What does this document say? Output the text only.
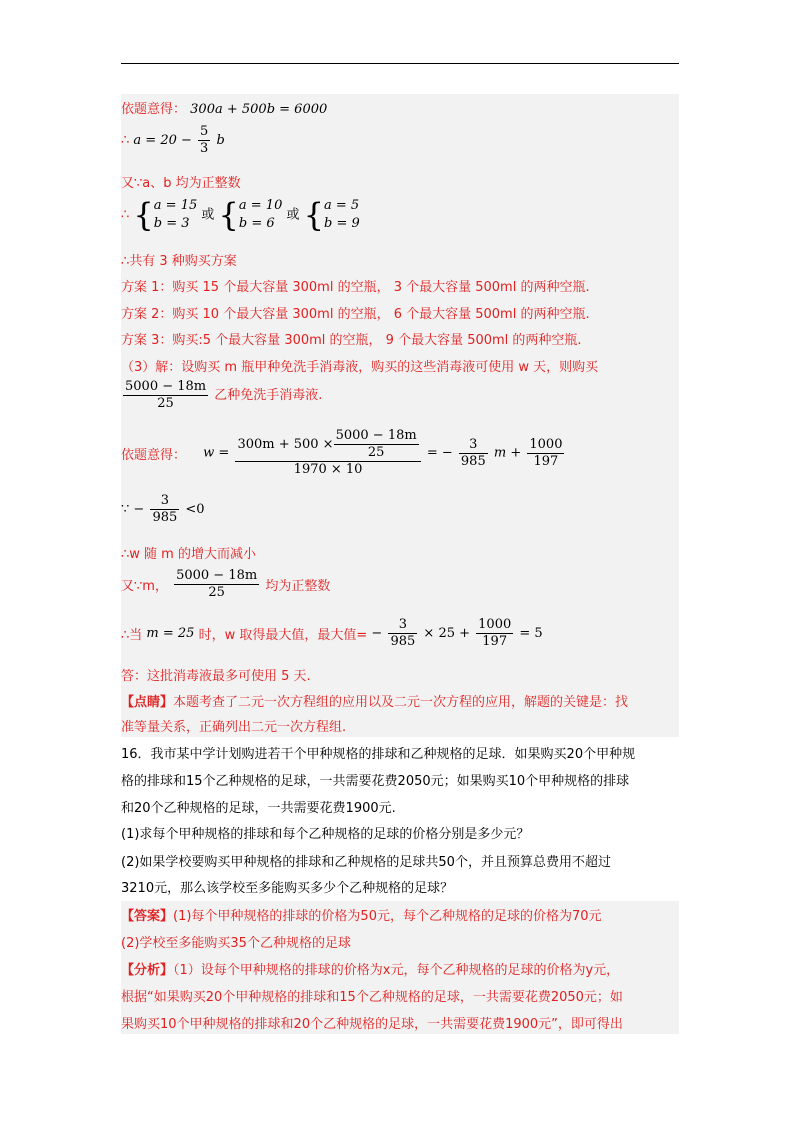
依题意得： 300a + 500b = 6000
∴ $a = 20 - \frac{5}{3}$ b
又∵a、b 均为正整数
∴ { a = 15
b = 3
或 { a = 10
b = 6
或 { a = 5
b = 9
∴共有 3 种购买方案
方案 1：购买 15 个最大容量 300ml 的空瓶， 3 个最大容量 500ml 的两种空瓶.
方案 2：购买 10 个最大容量 300ml 的空瓶， 6 个最大容量 500ml 的两种空瓶.
方案 3：购买:5 个最大容量 300ml 的空瓶， 9 个最大容量 500ml 的两种空瓶.
（3）解：设购买 m 瓶甲种免洗手消毒液，购买的这些消毒液可使用 w 天，则购买
$\frac{5000 - 18m}{25}$ 乙种免洗手消毒液.
依题意得： $w = \frac{300m + 500 \times \frac{5000 - 18m}{25}}{1970 \times 10}$ = − $\frac{3}{985}$ $m + \frac{1000}{197}$
∵ − $\frac{3}{985} <0$
∴w 随 m 的增大而减小
又∵m， $\frac{5000 - 18m}{25}$ 均为正整数
∴当 m = 25 时，w 取得最大值，最大值= − $\frac{3}{985} \times 25 + \frac{1000}{197} = 5$
答：这批消毒液最多可使用 5 天.
【点睛】本题考查了二元一次方程组的应用以及二元一次方程的应用，解题的关键是：找
准等量关系，正确列出二元一次方程组.
16．我市某中学计划购进若干个甲种规格的排球和乙种规格的足球．如果购买20个甲种规
格的排球和15个乙种规格的足球，一共需要花费2050元；如果购买10个甲种规格的排球
和20个乙种规格的足球，一共需要花费1900元.
(1)求每个甲种规格的排球和每个乙种规格的足球的价格分别是多少元？
(2)如果学校要购买甲种规格的排球和乙种规格的足球共50个，并且预算总费用不超过
3210元，那么该学校至多能购买多少个乙种规格的足球？
【答案】(1)每个甲种规格的排球的价格为50元，每个乙种规格的足球的价格为70元
(2)学校至多能购买35个乙种规格的足球
【分析】（1）设每个甲种规格的排球的价格为x元，每个乙种规格的足球的价格为y元，
根据“如果购买20个甲种规格的排球和15个乙种规格的足球，一共需要花费2050元；如
果购买10个甲种规格的排球和20个乙种规格的足球，一共需要花费1900元”，即可得出
